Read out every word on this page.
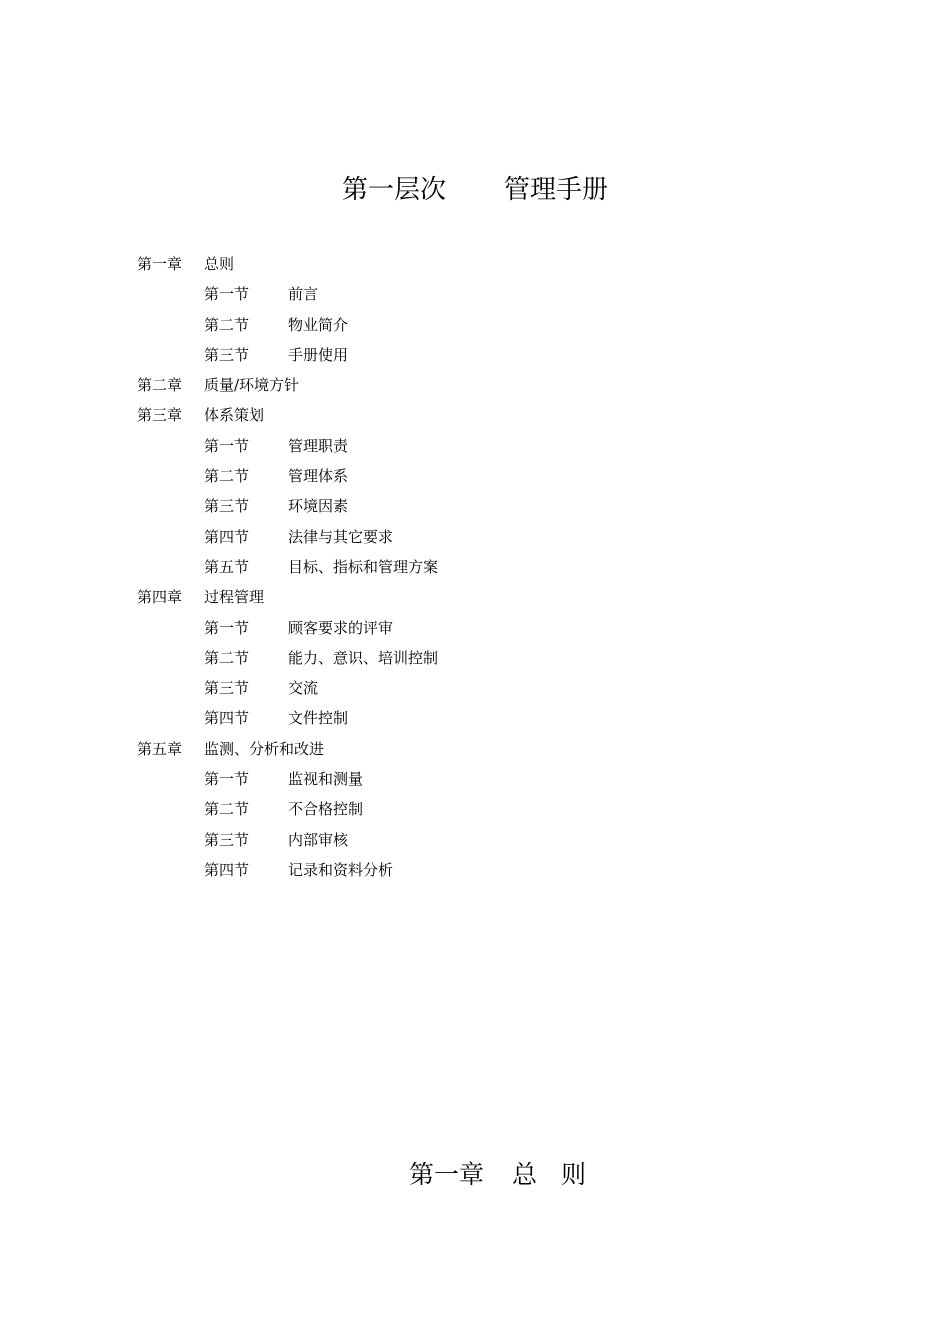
第一层次 管理手册
第一章 总则
第一节	前言
第二节	物业简介
第三节	手册使用
第二章 质量/环境方针
第三章 体系策划
第一节	管理职责
第二节	管理体系
第三节	环境因素
第四节	法律与其它要求
第五节	目标、指标和管理方案
第四章 过程管理
第一节	顾客要求的评审
第二节	能力、意识、培训控制
第三节	交流
第四节	文件控制
第五章 监测、分析和改进
第一节	监视和测量
第二节	不合格控制
第三节	内部审核
第四节	记录和资料分析
第一章 总 则
